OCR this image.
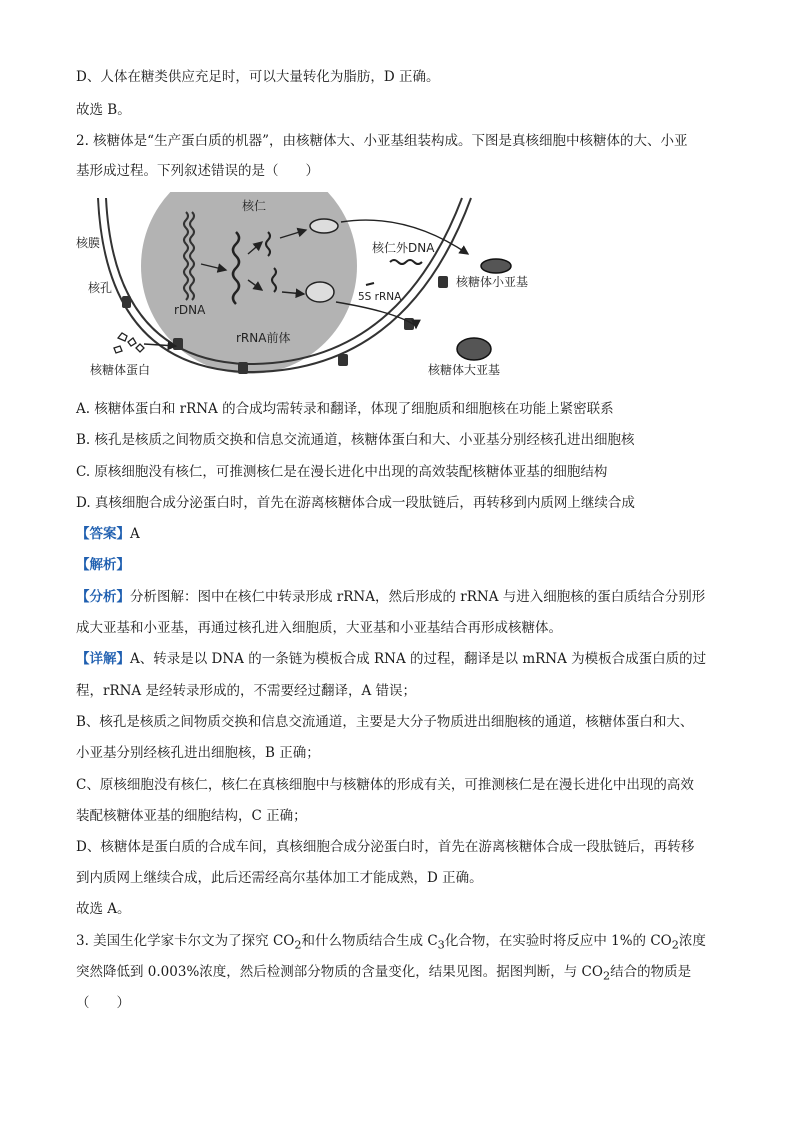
D、人体在糖类供应充足时，可以大量转化为脂肪，D 正确。
故选 B。
2. 核糖体是“生产蛋白质的机器”，由核糖体大、小亚基组装构成。下图是真核细胞中核糖体的大、小亚
基形成过程。下列叙述错误的是（　　）
核仁
核膜
核孔
rDNA
rRNA前体
核仁外DNA
5S rRNA
核糖体小亚基
核糖体大亚基
核糖体蛋白
A. 核糖体蛋白和 rRNA 的合成均需转录和翻译，体现了细胞质和细胞核在功能上紧密联系
B. 核孔是核质之间物质交换和信息交流通道，核糖体蛋白和大、小亚基分别经核孔进出细胞核
C. 原核细胞没有核仁，可推测核仁是在漫长进化中出现的高效装配核糖体亚基的细胞结构
D. 真核细胞合成分泌蛋白时，首先在游离核糖体合成一段肽链后，再转移到内质网上继续合成
【答案】A
【解析】
【分析】分析图解：图中在核仁中转录形成 rRNA，然后形成的 rRNA 与进入细胞核的蛋白质结合分别形
成大亚基和小亚基，再通过核孔进入细胞质，大亚基和小亚基结合再形成核糖体。
【详解】A、转录是以 DNA 的一条链为模板合成 RNA 的过程，翻译是以 mRNA 为模板合成蛋白质的过
程，rRNA 是经转录形成的，不需要经过翻译，A 错误；
B、核孔是核质之间物质交换和信息交流通道，主要是大分子物质进出细胞核的通道，核糖体蛋白和大、
小亚基分别经核孔进出细胞核，B 正确；
C、原核细胞没有核仁，核仁在真核细胞中与核糖体的形成有关，可推测核仁是在漫长进化中出现的高效
装配核糖体亚基的细胞结构，C 正确；
D、核糖体是蛋白质的合成车间，真核细胞合成分泌蛋白时，首先在游离核糖体合成一段肽链后，再转移
到内质网上继续合成，此后还需经高尔基体加工才能成熟，D 正确。
故选 A。
3. 美国生化学家卡尔文为了探究 $CO_2$和什么物质结合生成 $C_3$化合物，在实验时将反应中 1%的 $CO_2$浓度
突然降低到 0.003%浓度，然后检测部分物质的含量变化，结果见图。据图判断，与 $CO_2$结合的物质是
（　　）
